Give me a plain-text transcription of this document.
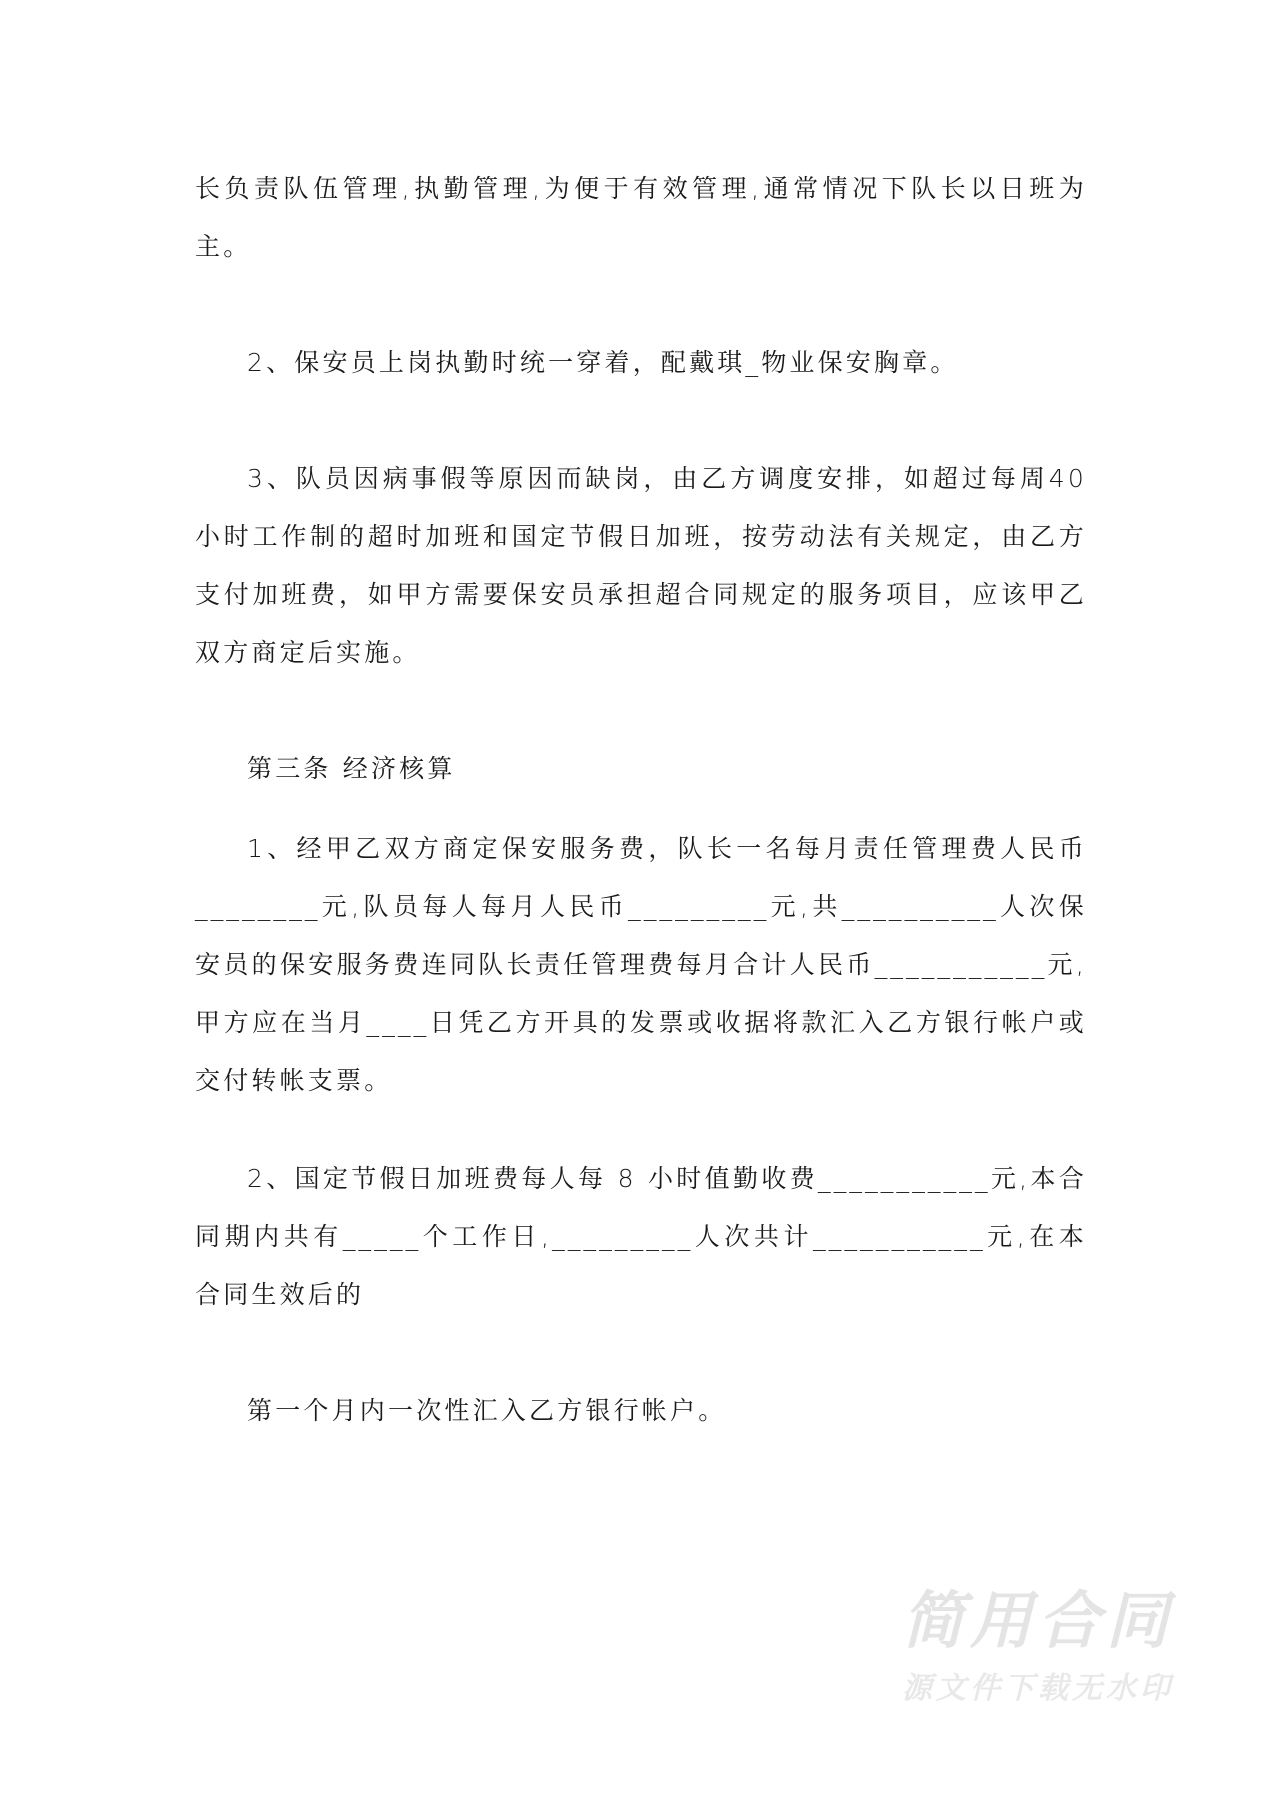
长负责队伍管理,执勤管理,为便于有效管理,通常情况下队长以日班为主。

2、保安员上岗执勤时统一穿着，配戴琪_物业保安胸章。

3、队员因病事假等原因而缺岗，由乙方调度安排，如超过每周40 小时工作制的超时加班和国定节假日加班，按劳动法有关规定，由乙方支付加班费，如甲方需要保安员承担超合同规定的服务项目，应该甲乙双方商定后实施。

第三条 经济核算

1、经甲乙双方商定保安服务费，队长一名每月责任管理费人民币________元,队员每人每月人民币_________元,共__________人次保安员的保安服务费连同队长责任管理费每月合计人民币___________元,甲方应在当月____日凭乙方开具的发票或收据将款汇入乙方银行帐户或交付转帐支票。

2、国定节假日加班费每人每 8 小时值勤收费___________元,本合同期内共有_____个工作日,_________人次共计___________元,在本合同生效后的

第一个月内一次性汇入乙方银行帐户。

简用合同
源文件下载无水印
